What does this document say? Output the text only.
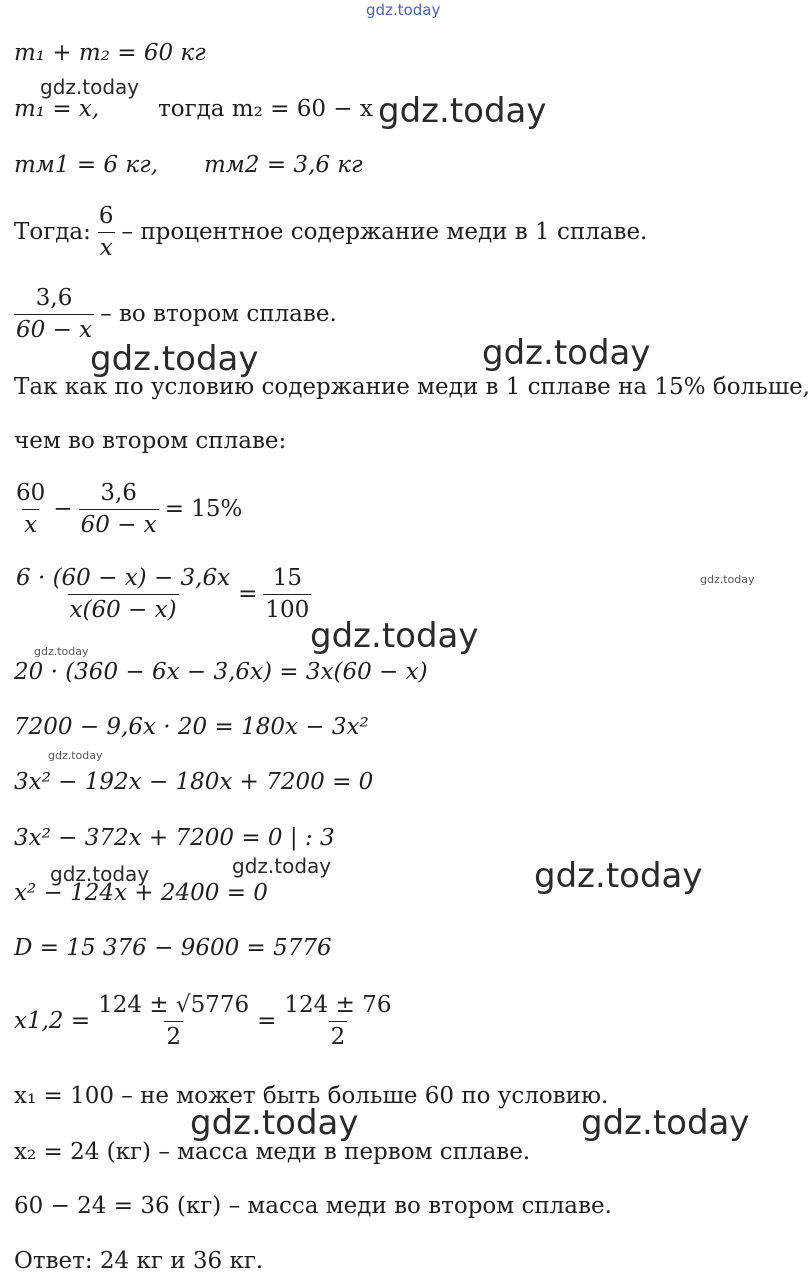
gdz.today
gdz.today
gdz.today
gdz.today	gdz.today
gdz.today
gdz.today
gdz.today
gdz.today
gdz.today
gdz.today	gdz.today
gdz.today	gdz.today
m₁ + m₂ = 60 кг
m₁ = x,	тогда m₂ = 60 − x
mм1 = 6 кг, mм2 = 3,6 кг
Тогда: $\frac{6}{x}$ – процентное содержание меди в 1 сплаве.
$\frac{3,6}{60 - x}$ – во втором сплаве.
Так как по условию содержание меди в 1 сплаве на 15% больше,
чем во втором сплаве:
$\frac{60}{x} - \frac{3,6}{60 - x} = 15\%$
$\frac{6 \cdot (60 - x) - 3,6x}{x(60 - x)} = \frac{15}{100}$
20 · (360 − 6x − 3,6x) = 3x(60 − x)
7200 − 9,6x · 20 = 180x − 3x²
3x² − 192x − 180x + 7200 = 0
3x² − 372x + 7200 = 0 | : 3
x² − 124x + 2400 = 0
D = 15 376 − 9600 = 5776
$x1,2 = \frac{124 \pm √5776}{2} = \frac{124 \pm 76}{2}$
x₁ = 100 – не может быть больше 60 по условию.
x₂ = 24 (кг) – масса меди в первом сплаве.
60 − 24 = 36 (кг) – масса меди во втором сплаве.
Ответ: 24 кг и 36 кг.
